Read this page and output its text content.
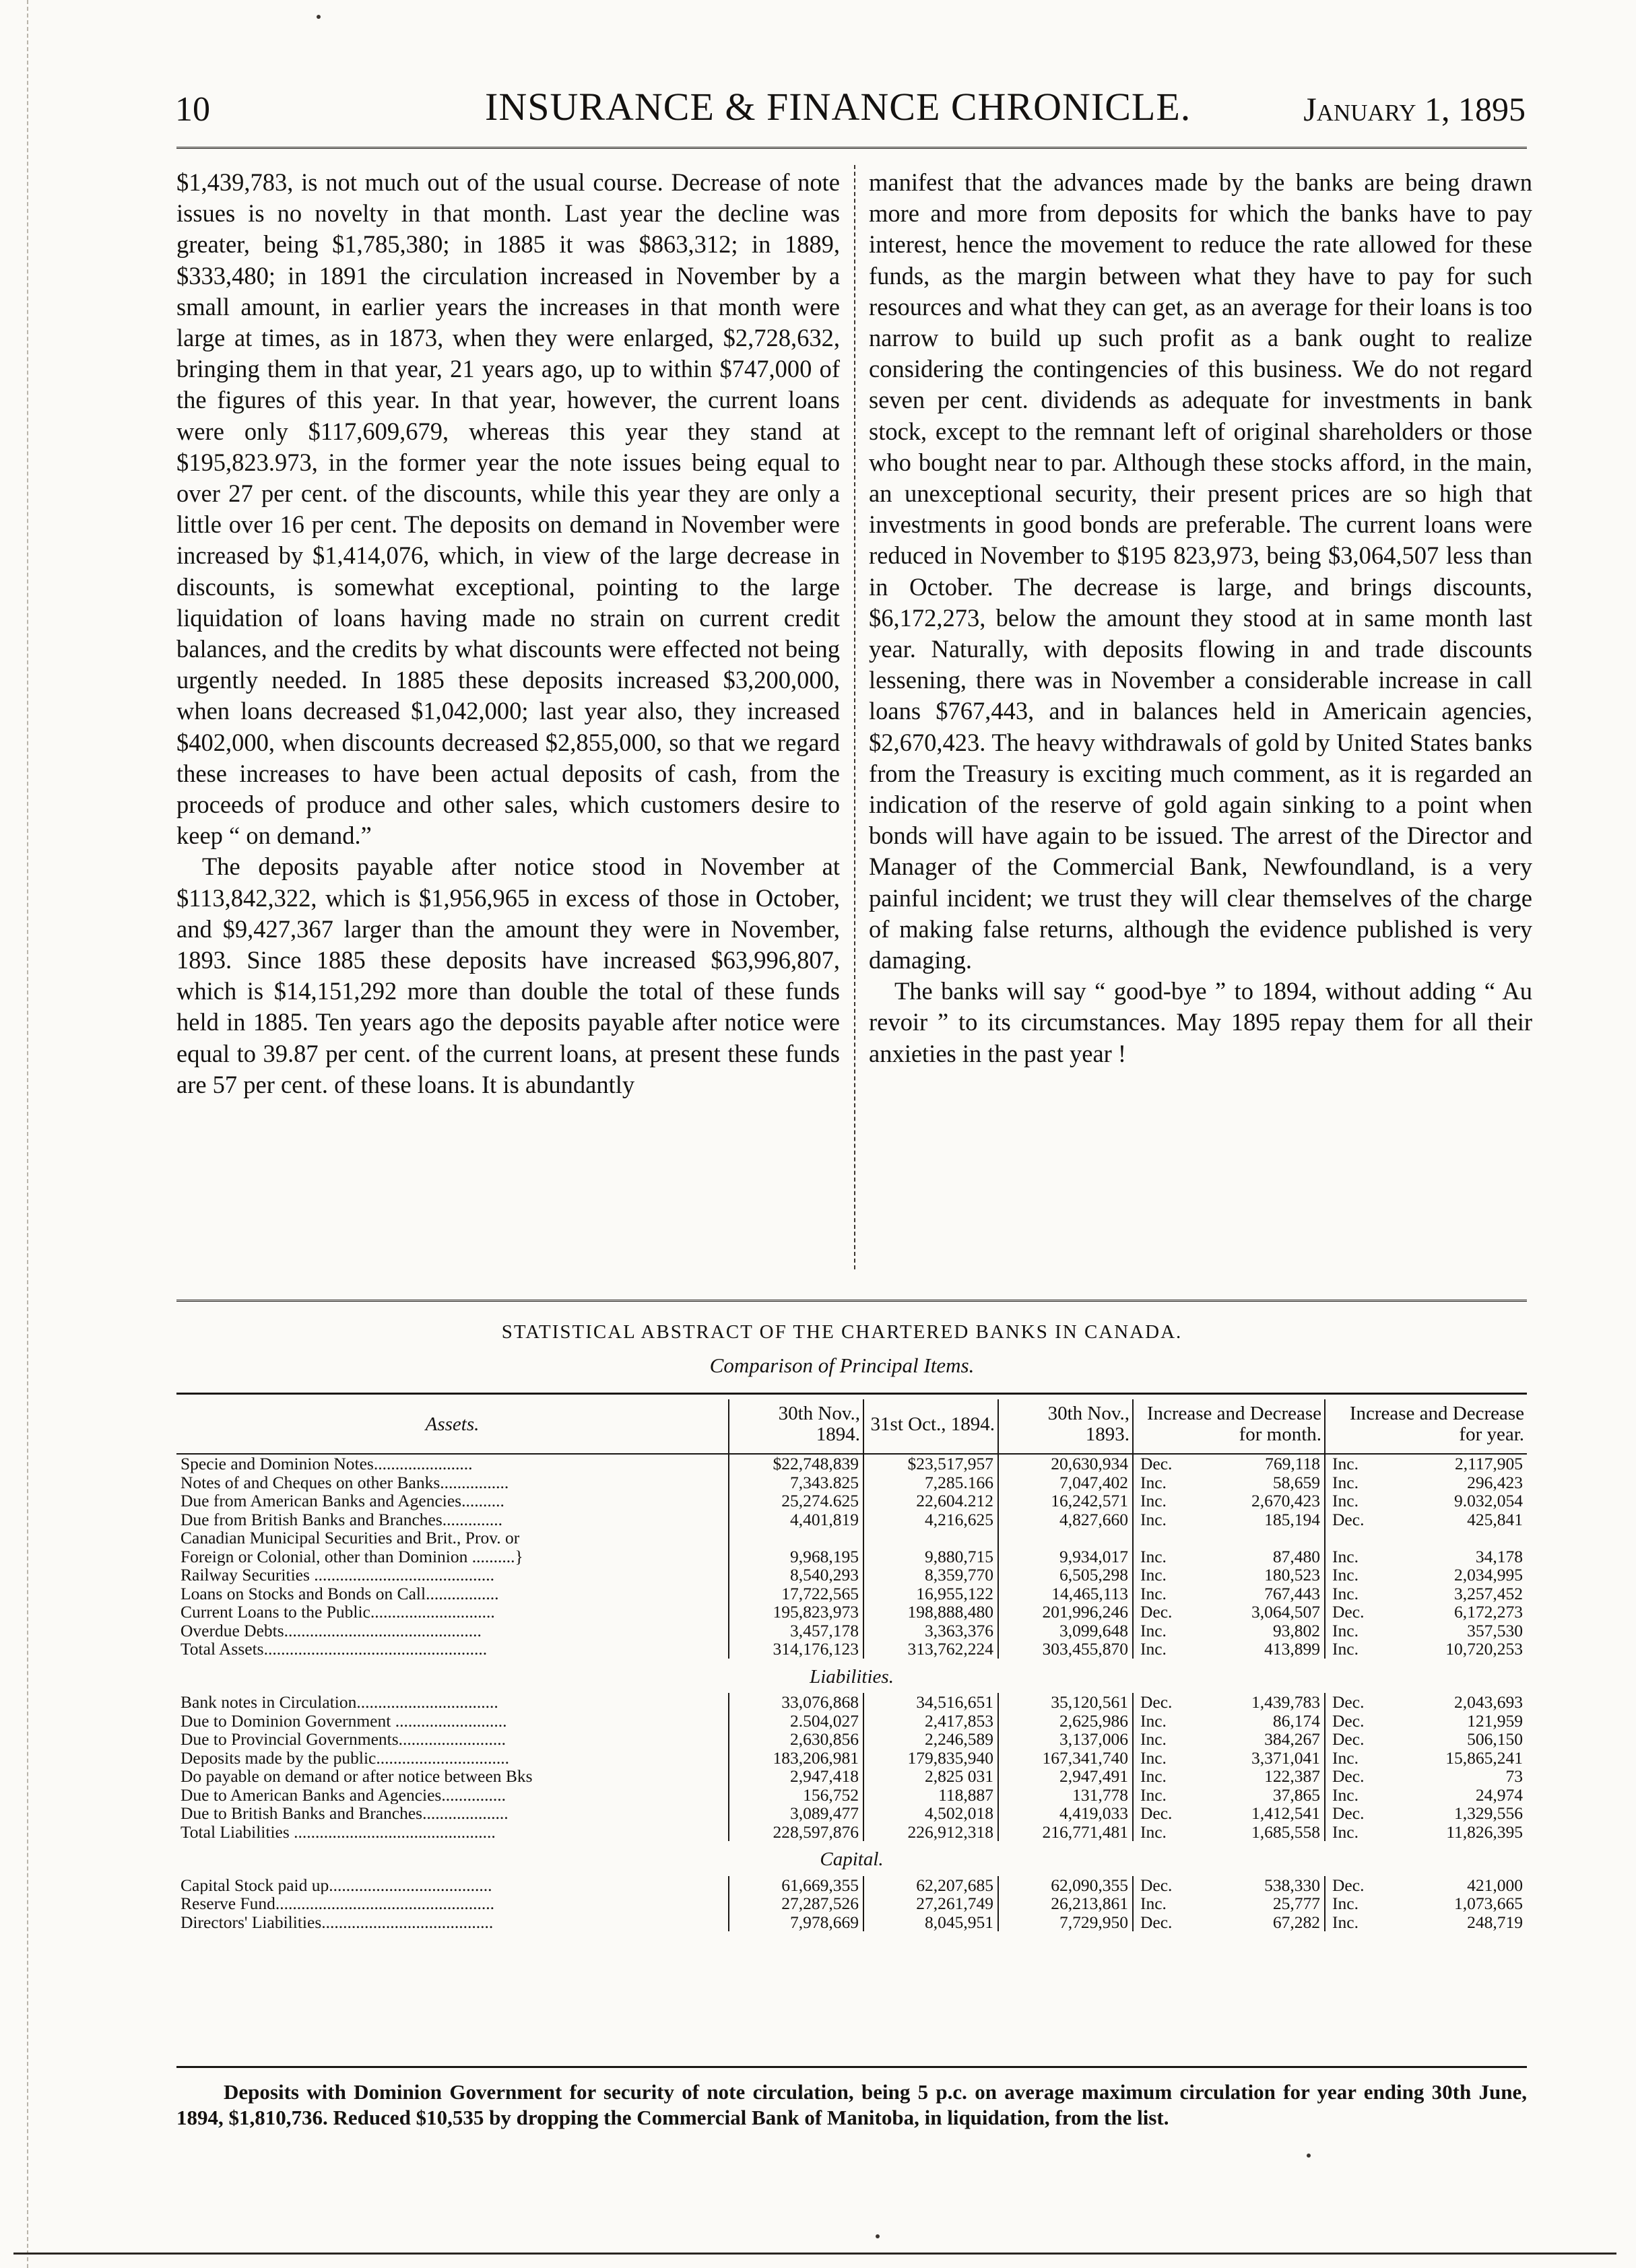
10	INSURANCE & FINANCE CHRONICLE.	January 1, 1895

$1,439,783, is not much out of the usual course. Decrease of note issues is no novelty in that month. Last year the decline was greater, being $1,785,380; in 1885 it was $863,312; in 1889, $333,480; in 1891 the circulation increased in November by a small amount, in earlier years the increases in that month were large at times, as in 1873, when they were enlarged, $2,728,632, bringing them in that year, 21 years ago, up to within $747,000 of the figures of this year. In that year, however, the current loans were only $117,609,679, whereas this year they stand at $195,823.973, in the former year the note issues being equal to over 27 per cent. of the discounts, while this year they are only a little over 16 per cent. The deposits on demand in November were increased by $1,414,076, which, in view of the large decrease in discounts, is somewhat exceptional, pointing to the large liquidation of loans having made no strain on current credit balances, and the credits by what discounts were effected not being urgently needed. In 1885 these deposits increased $3,200,000, when loans decreased $1,042,000; last year also, they increased $402,000, when discounts decreased $2,855,000, so that we regard these increases to have been actual deposits of cash, from the proceeds of produce and other sales, which customers desire to keep “ on demand.”

The deposits payable after notice stood in November at $113,842,322, which is $1,956,965 in excess of those in October, and $9,427,367 larger than the amount they were in November, 1893. Since 1885 these deposits have increased $63,996,807, which is $14,151,292 more than double the total of these funds held in 1885. Ten years ago the deposits payable after notice were equal to 39.87 per cent. of the current loans, at present these funds are 57 per cent. of these loans. It is abundantly

manifest that the advances made by the banks are being drawn more and more from deposits for which the banks have to pay interest, hence the movement to reduce the rate allowed for these funds, as the margin between what they have to pay for such resources and what they can get, as an average for their loans is too narrow to build up such profit as a bank ought to realize considering the contingencies of this business. We do not regard seven per cent. dividends as adequate for investments in bank stock, except to the remnant left of original shareholders or those who bought near to par. Although these stocks afford, in the main, an unexceptional security, their present prices are so high that investments in good bonds are preferable. The current loans were reduced in November to $195 823,973, being $3,064,507 less than in October. The decrease is large, and brings discounts, $6,172,273, below the amount they stood at in same month last year. Naturally, with deposits flowing in and trade discounts lessening, there was in November a considerable increase in call loans $767,443, and in balances held in Americain agencies, $2,670,423. The heavy withdrawals of gold by United States banks from the Treasury is exciting much comment, as it is regarded an indication of the reserve of gold again sinking to a point when bonds will have again to be issued. The arrest of the Director and Manager of the Commercial Bank, Newfoundland, is a very painful incident; we trust they will clear themselves of the charge of making false returns, although the evidence published is very damaging.

The banks will say “ good-bye ” to 1894, without adding “ Au revoir ” to its circumstances. May 1895 repay them for all their anxieties in the past year !

STATISTICAL ABSTRACT OF THE CHARTERED BANKS IN CANADA.
Comparison of Principal Items.
Assets.	30th Nov., 1894.	31st Oct., 1894.	30th Nov., 1893.	Increase and Decrease for month.		Increase and Decrease for year.	
Specie and Dominion Notes.......................	$22,748,839	$23,517,957	20,630,934	Dec.	769,118	Inc.	2,117,905
Notes of and Cheques on other Banks................	7,343.825	7,285.166	7,047,402	Inc.	58,659	Inc.	296,423
Due from American Banks and Agencies..........	25,274.625	22,604.212	16,242,571	Inc.	2,670,423	Inc.	9.032,054
Due from British Banks and Branches..............	4,401,819	4,216,625	4,827,660	Inc.	185,194	Dec.	425,841
Canadian Municipal Securities and Brit., Prov. or							
Foreign or Colonial, other than Dominion ..........}	9,968,195	9,880,715	9,934,017	Inc.	87,480	Inc.	34,178
Railway Securities ..........................................	8,540,293	8,359,770	6,505,298	Inc.	180,523	Inc.	2,034,995
Loans on Stocks and Bonds on Call.................	17,722,565	16,955,122	14,465,113	Inc.	767,443	Inc.	3,257,452
Current Loans to the Public.............................	195,823,973	198,888,480	201,996,246	Dec.	3,064,507	Dec.	6,172,273
Overdue Debts..............................................	3,457,178	3,363,376	3,099,648	Inc.	93,802	Inc.	357,530
Total Assets....................................................	314,176,123	313,762,224	303,455,870	Inc.	413,899	Inc.	10,720,253
Liabilities.							
Bank notes in Circulation.................................	33,076,868	34,516,651	35,120,561	Dec.	1,439,783	Dec.	2,043,693
Due to Dominion Government ..........................	2.504,027	2,417,853	2,625,986	Inc.	86,174	Dec.	121,959
Due to Provincial Governments.........................	2,630,856	2,246,589	3,137,006	Inc.	384,267	Dec.	506,150
Deposits made by the public...............................	183,206,981	179,835,940	167,341,740	Inc.	3,371,041	Inc.	15,865,241
Do payable on demand or after notice between Bks	2,947,418	2,825 031	2,947,491	Inc.	122,387	Dec.	73
Due to American Banks and Agencies...............	156,752	118,887	131,778	Inc.	37,865	Inc.	24,974
Due to British Banks and Branches....................	3,089,477	4,502,018	4,419,033	Dec.	1,412,541	Dec.	1,329,556
Total Liabilities ...............................................	228,597,876	226,912,318	216,771,481	Inc.	1,685,558	Inc.	11,826,395
Capital.							
Capital Stock paid up......................................	61,669,355	62,207,685	62,090,355	Dec.	538,330	Dec.	421,000
Reserve Fund...................................................	27,287,526	27,261,749	26,213,861	Inc.	25,777	Inc.	1,073,665
Directors' Liabilities........................................	7,978,669	8,045,951	7,729,950	Dec.	67,282	Inc.	248,719
Deposits with Dominion Government for security of note circulation, being 5 p.c. on average maximum circulation for year ending 30th June, 1894, $1,810,736. Reduced $10,535 by dropping the Commercial Bank of Manitoba, in liquidation, from the list.
